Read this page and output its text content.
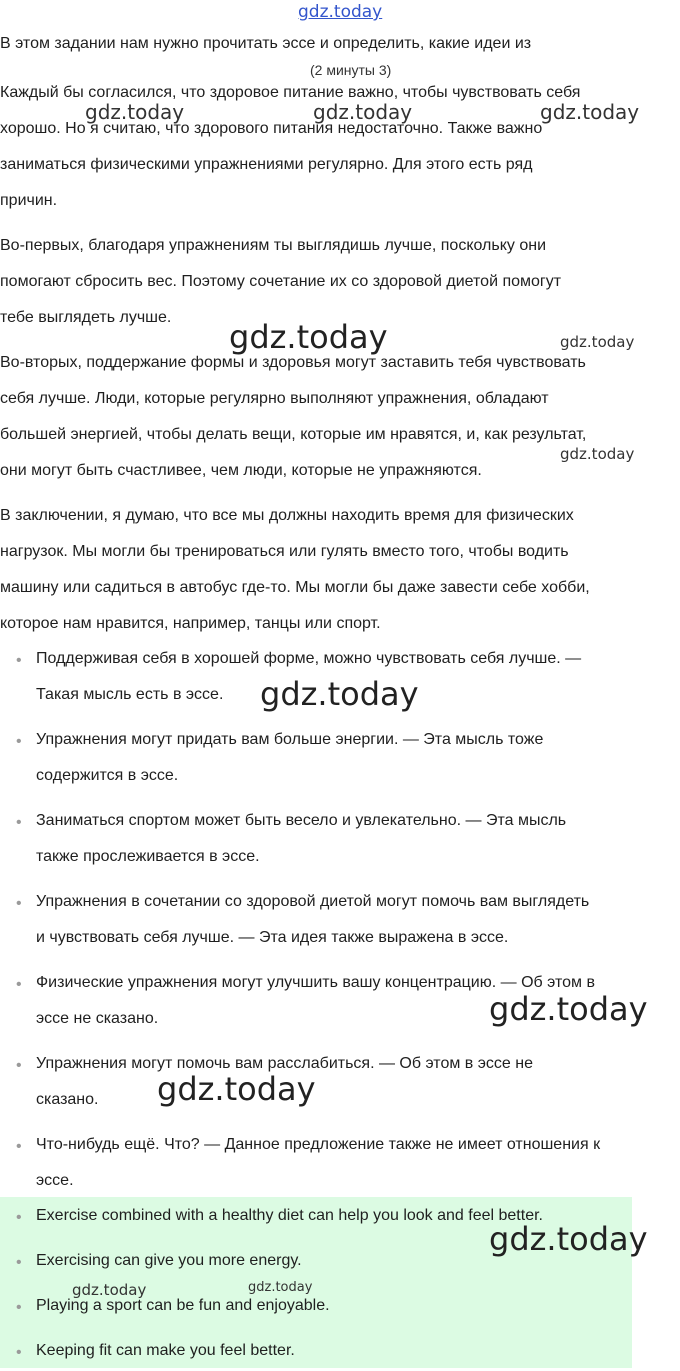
gdz.today

В этом задании нам нужно прочитать эссе и определить, какие идеи из

(2 минуты 3)

Каждый бы согласился, что здоровое питание важно, чтобы чувствовать себя

хорошо. Но я считаю, что здорового питания недостаточно. Также важно

заниматься физическими упражнениями регулярно. Для этого есть ряд

причин.

Во-первых, благодаря упражнениям ты выглядишь лучше, поскольку они

помогают сбросить вес. Поэтому сочетание их со здоровой диетой помогут

тебе выглядеть лучше.

Во-вторых, поддержание формы и здоровья могут заставить тебя чувствовать

себя лучше. Люди, которые регулярно выполняют упражнения, обладают

большей энергией, чтобы делать вещи, которые им нравятся, и, как результат,

они могут быть счастливее, чем люди, которые не упражняются.

В заключении, я думаю, что все мы должны находить время для физических

нагрузок. Мы могли бы тренироваться или гулять вместо того, чтобы водить

машину или садиться в автобус где-то. Мы могли бы даже завести себе хобби,

которое нам нравится, например, танцы или спорт.

• Поддерживая себя в хорошей форме, можно чувствовать себя лучше. —
Такая мысль есть в эссе.
• Упражнения могут придать вам больше энергии. — Эта мысль тоже
содержится в эссе.
• Заниматься спортом может быть весело и увлекательно. — Эта мысль
также прослеживается в эссе.
• Упражнения в сочетании со здоровой диетой могут помочь вам выглядеть
и чувствовать себя лучше. — Эта идея также выражена в эссе.
• Физические упражнения могут улучшить вашу концентрацию. — Об этом в
эссе не сказано.
• Упражнения могут помочь вам расслабиться. — Об этом в эссе не
сказано.
• Что-нибудь ещё. Что? — Данное предложение также не имеет отношения к
эссе.
• Exercise combined with a healthy diet can help you look and feel better.
• Exercising can give you more energy.
• Playing a sport can be fun and enjoyable.
• Keeping fit can make you feel better.
gdz.today	gdz.today	gdz.today
gdz.today	gdz.today
gdz.today
gdz.today
gdz.today
gdz.today
gdz.today
gdz.today	gdz.today
